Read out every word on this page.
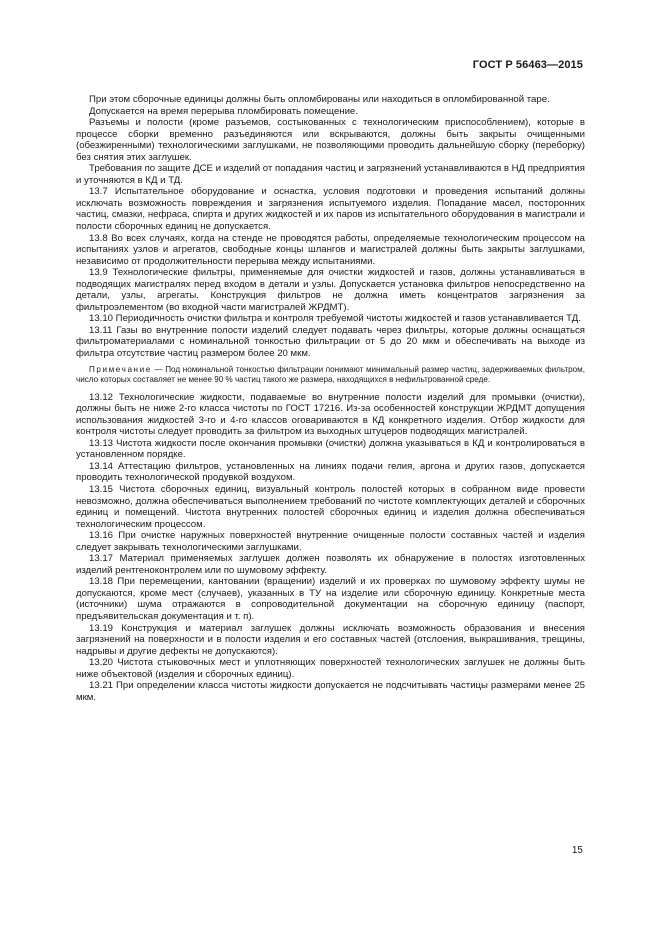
ГОСТ Р 56463—2015

При этом сборочные единицы должны быть опломбированы или находиться в опломбированной таре.

Допускается на время перерыва пломбировать помещение.

Разъемы и полости (кроме разъемов, состыкованных с технологическим приспособлением), которые в процессе сборки временно разъединяются или вскрываются, должны быть закрыты очищенными (обезжиренными) технологическими заглушками, не позволяющими проводить дальнейшую сборку (переборку) без снятия этих заглушек.

Требования по защите ДСЕ и изделий от попадания частиц и загрязнений устанавливаются в НД предприятия и уточняются в КД и ТД.

13.7 Испытательное оборудование и оснастка, условия подготовки и проведения испытаний должны исключать возможность повреждения и загрязнения испытуемого изделия. Попадание масел, посторонних частиц, смазки, нефраса, спирта и других жидкостей и их паров из испытательного оборудования в магистрали и полости сборочных единиц не допускается.

13.8 Во всех случаях, когда на стенде не проводятся работы, определяемые технологическим процессом на испытаниях узлов и агрегатов, свободные концы шлангов и магистралей должны быть закрыты заглушками, независимо от продолжительности перерыва между испытаниями.

13.9 Технологические фильтры, применяемые для очистки жидкостей и газов, должны устанавливаться в подводящих магистралях перед входом в детали и узлы. Допускается установка фильтров непосредственно на детали, узлы, агрегаты. Конструкция фильтров не должна иметь концентратов загрязнения за фильтроэлементом (во входной части магистралей ЖРДМТ).

13.10 Периодичность очистки фильтра и контроля требуемой чистоты жидкостей и газов устанавливается ТД.

13.11 Газы во внутренние полости изделий следует подавать через фильтры, которые должны оснащаться фильтроматериалами с номинальной тонкостью фильтрации от 5 до 20 мкм и обеспечивать на выходе из фильтра отсутствие частиц размером более 20 мкм.

Примечание — Под номинальной тонкостью фильтрации понимают минимальный размер частиц, задерживаемых фильтром, число которых составляет не менее 90 % частиц такого же размера, находящихся в нефильтрованной среде.

13.12 Технологические жидкости, подаваемые во внутренние полости изделий для промывки (очистки), должны быть не ниже 2-го класса чистоты по ГОСТ 17216. Из-за особенностей конструкции ЖРДМТ допущения использования жидкостей 3-го и 4-го классов оговариваются в КД конкретного изделия. Отбор жидкости для контроля чистоты следует проводить за фильтром из выходных штуцеров подводящих магистралей.

13.13 Чистота жидкости после окончания промывки (очистки) должна указываться в КД и контролироваться в установленном порядке.

13.14 Аттестацию фильтров, установленных на линиях подачи гелия, аргона и других газов, допускается проводить технологической продувкой воздухом.

13.15 Чистота сборочных единиц, визуальный контроль полостей которых в собранном виде провести невозможно, должна обеспечиваться выполнением требований по чистоте комплектующих деталей и сборочных единиц и помещений. Чистота внутренних полостей сборочных единиц и изделия должна обеспечиваться технологическим процессом.

13.16 При очистке наружных поверхностей внутренние очищенные полости составных частей и изделия следует закрывать технологическими заглушками.

13.17 Материал применяемых заглушек должен позволять их обнаружение в полостях изготовленных изделий рентгеноконтролем или по шумовому эффекту.

13.18 При перемещении, кантовании (вращении) изделий и их проверках по шумовому эффекту шумы не допускаются, кроме мест (случаев), указанных в ТУ на изделие или сборочную единицу. Конкретные места (источники) шума отражаются в сопроводительной документации на сборочную единицу (паспорт, предъявительская документация и т. п).

13.19 Конструкция и материал заглушек должны исключать возможность образования и внесения загрязнений на поверхности и в полости изделия и его составных частей (отслоения, выкрашивания, трещины, надрывы и другие дефекты не допускаются).

13.20 Чистота стыковочных мест и уплотняющих поверхностей технологических заглушек не должны быть ниже объектовой (изделия и сборочных единиц).

13.21 При определении класса чистоты жидкости допускается не подсчитывать частицы размерами менее 25 мкм.

15
